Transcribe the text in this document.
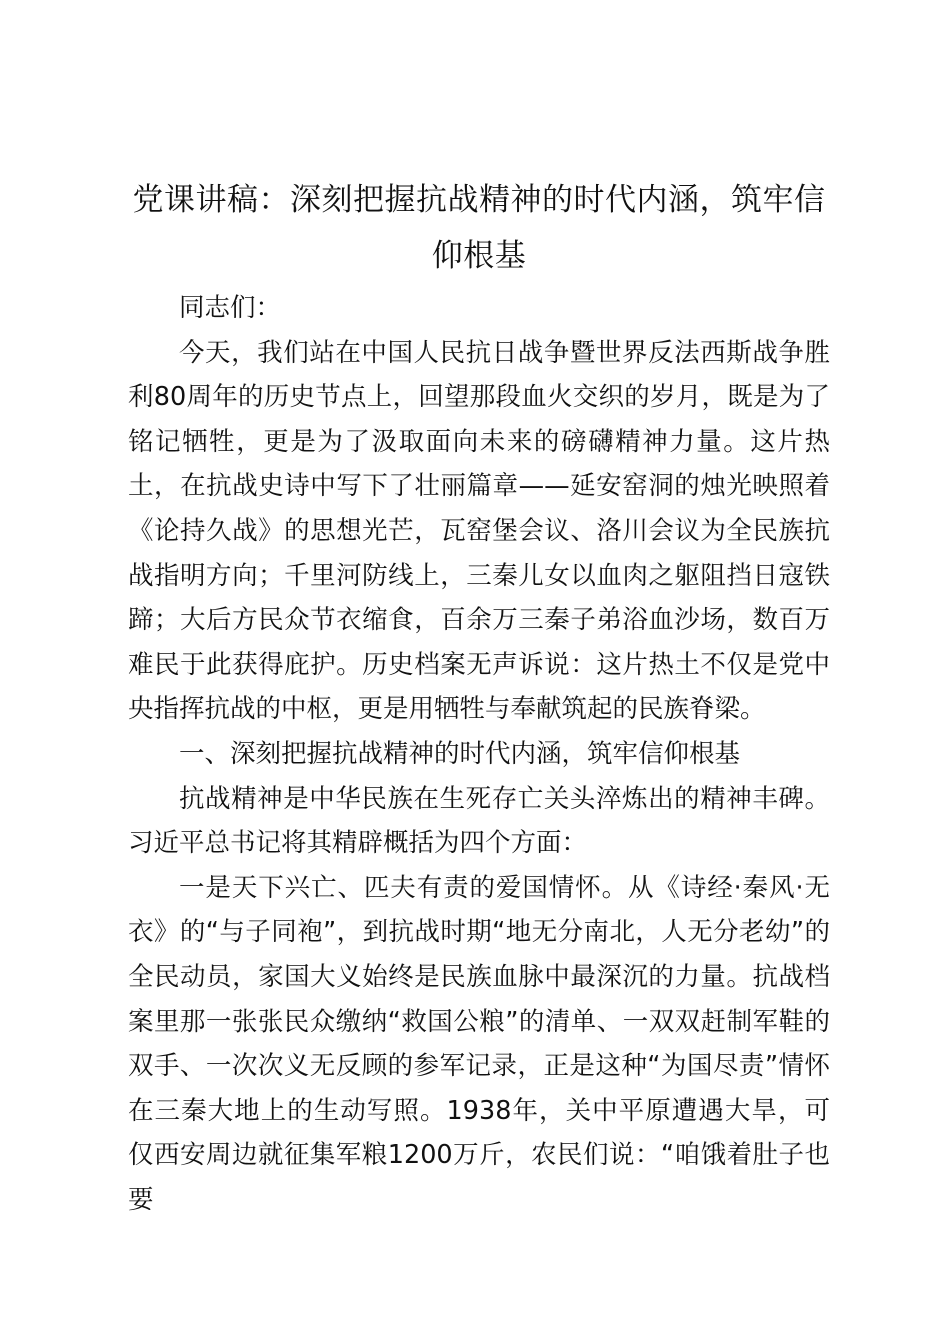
党课讲稿：深刻把握抗战精神的时代内涵，筑牢信仰根基

同志们：

今天，我们站在中国人民抗日战争暨世界反法西斯战争胜利80周年的历史节点上，回望那段血火交织的岁月，既是为了铭记牺牲，更是为了汲取面向未来的磅礴精神力量。这片热土，在抗战史诗中写下了壮丽篇章——延安窑洞的烛光映照着《论持久战》的思想光芒，瓦窑堡会议、洛川会议为全民族抗战指明方向；千里河防线上，三秦儿女以血肉之躯阻挡日寇铁蹄；大后方民众节衣缩食，百余万三秦子弟浴血沙场，数百万难民于此获得庇护。历史档案无声诉说：这片热土不仅是党中央指挥抗战的中枢，更是用牺牲与奉献筑起的民族脊梁。

一、深刻把握抗战精神的时代内涵，筑牢信仰根基

抗战精神是中华民族在生死存亡关头淬炼出的精神丰碑。习近平总书记将其精辟概括为四个方面：

一是天下兴亡、匹夫有责的爱国情怀。从《诗经·秦风·无衣》的“与子同袍”，到抗战时期“地无分南北，人无分老幼”的全民动员，家国大义始终是民族血脉中最深沉的力量。抗战档案里那一张张民众缴纳“救国公粮”的清单、一双双赶制军鞋的双手、一次次义无反顾的参军记录，正是这种“为国尽责”情怀在三秦大地上的生动写照。1938年，关中平原遭遇大旱，可仅西安周边就征集军粮1200万斤，农民们说：“咱饿着肚子也要
